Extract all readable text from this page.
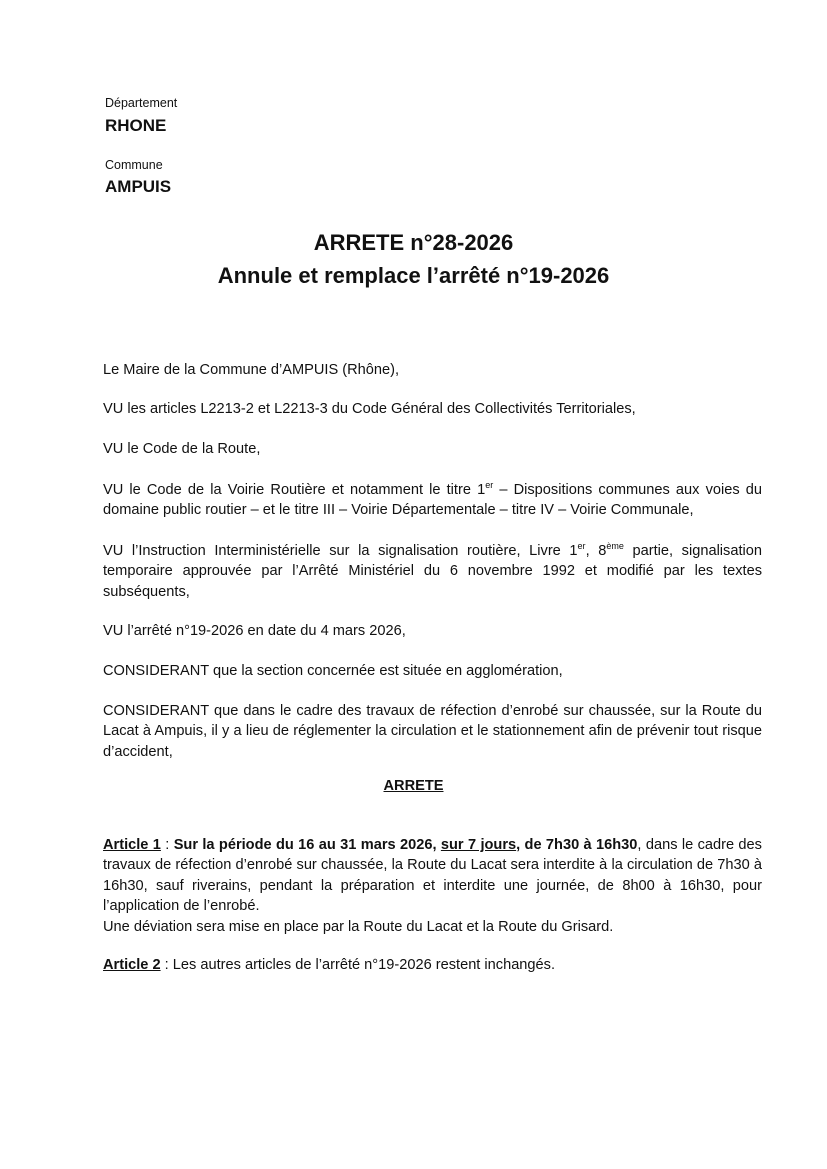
Département
RHONE
Commune
AMPUIS
ARRETE n°28-2026
Annule et remplace l’arrêté n°19-2026
Le Maire de la Commune d’AMPUIS (Rhône),
VU les articles L2213-2 et L2213-3 du Code Général des Collectivités Territoriales,
VU le Code de la Route,
VU le Code de la Voirie Routière et notamment le titre 1er – Dispositions communes aux voies du domaine public routier – et le titre III – Voirie Départementale – titre IV – Voirie Communale,
VU l’Instruction Interministérielle sur la signalisation routière, Livre 1er, 8ème partie, signalisation temporaire approuvée par l’Arrêté Ministériel du 6 novembre 1992 et modifié par les textes subséquents,
VU l’arrêté n°19-2026 en date du 4 mars 2026,
CONSIDERANT que la section concernée est située en agglomération,
CONSIDERANT que dans le cadre des travaux de réfection d’enrobé sur chaussée, sur la Route du Lacat à Ampuis, il y a lieu de réglementer la circulation et le stationnement afin de prévenir tout risque d’accident,
ARRETE
Article 1 : Sur la période du 16 au 31 mars 2026, sur 7 jours, de 7h30 à 16h30, dans le cadre des travaux de réfection d’enrobé sur chaussée, la Route du Lacat sera interdite à la circulation de 7h30 à 16h30, sauf riverains, pendant la préparation et interdite une journée, de 8h00 à 16h30, pour l’application de l’enrobé.
Une déviation sera mise en place par la Route du Lacat et la Route du Grisard.
Article 2 : Les autres articles de l’arrêté n°19-2026 restent inchangés.
